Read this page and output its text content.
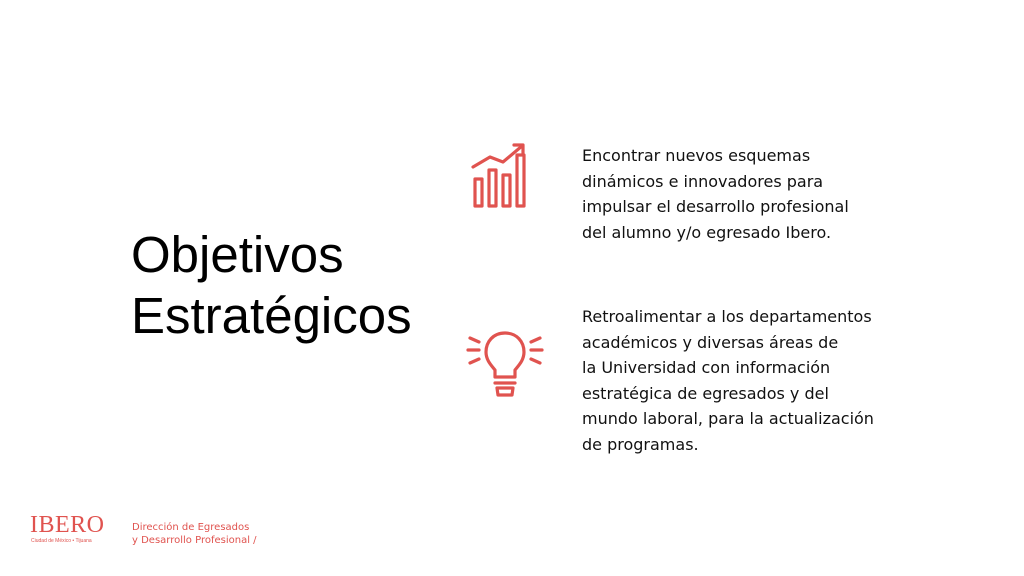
Objetivos
Estratégicos

Encontrar nuevos esquemas
dinámicos e innovadores para
impulsar el desarrollo profesional
del alumno y/o egresado Ibero.

Retroalimentar a los departamentos
académicos y diversas áreas de
la Universidad con información
estratégica de egresados y del
mundo laboral, para la actualización
de programas.

IBERO
Ciudad de México • Tijuana

Dirección de Egresados
y Desarrollo Profesional /
